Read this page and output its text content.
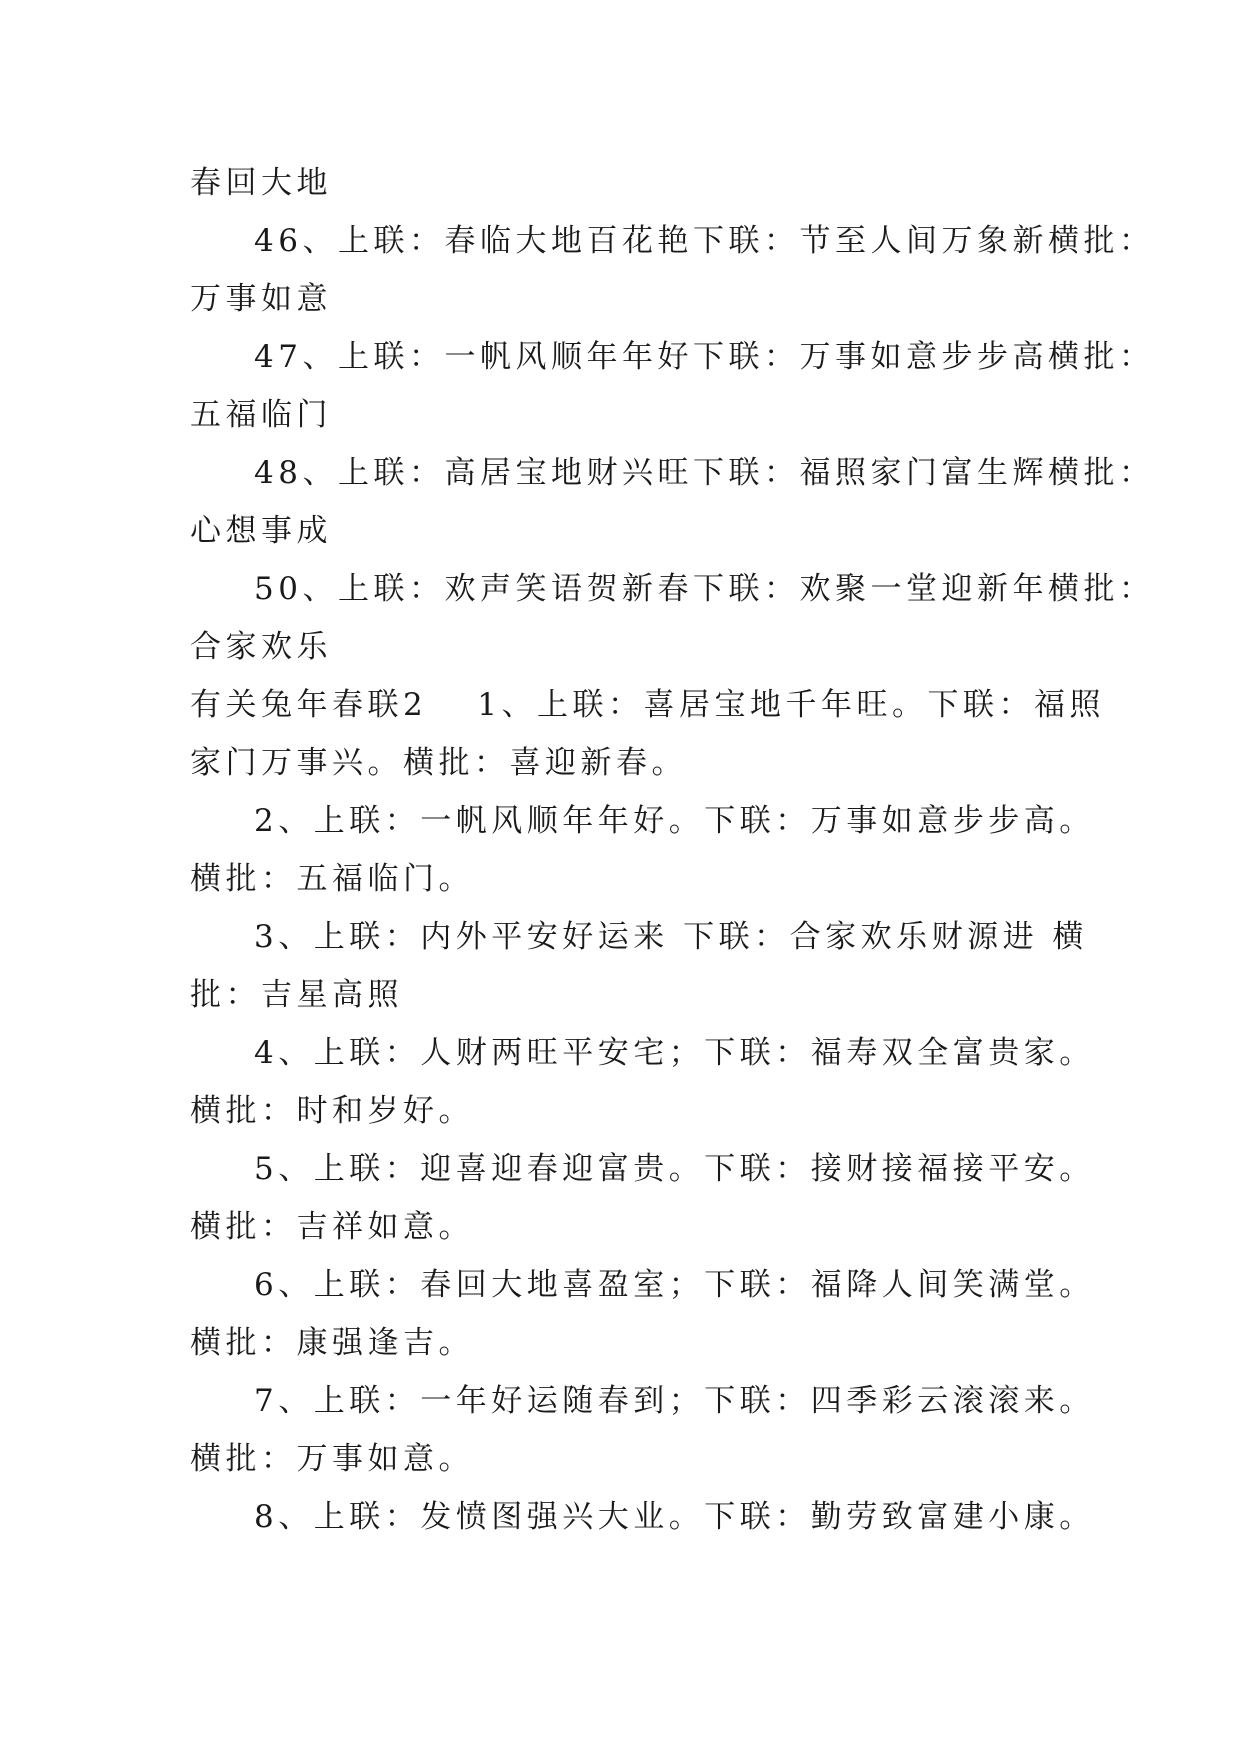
春回大地
46、上联：春临大地百花艳下联：节至人间万象新横批：
万事如意
47、上联：一帆风顺年年好下联：万事如意步步高横批：
五福临门
48、上联：高居宝地财兴旺下联：福照家门富生辉横批：
心想事成
50、上联：欢声笑语贺新春下联：欢聚一堂迎新年横批：
合家欢乐
有关兔年春联2 1、上联：喜居宝地千年旺。下联：福照
家门万事兴。横批：喜迎新春。
2、上联：一帆风顺年年好。下联：万事如意步步高。
横批：五福临门。
3、上联：内外平安好运来 下联：合家欢乐财源进 横
批：吉星高照
4、上联：人财两旺平安宅；下联：福寿双全富贵家。
横批：时和岁好。
5、上联：迎喜迎春迎富贵。下联：接财接福接平安。
横批：吉祥如意。
6、上联：春回大地喜盈室；下联：福降人间笑满堂。
横批：康强逢吉。
7、上联：一年好运随春到；下联：四季彩云滚滚来。
横批：万事如意。
8、上联：发愤图强兴大业。下联：勤劳致富建小康。
